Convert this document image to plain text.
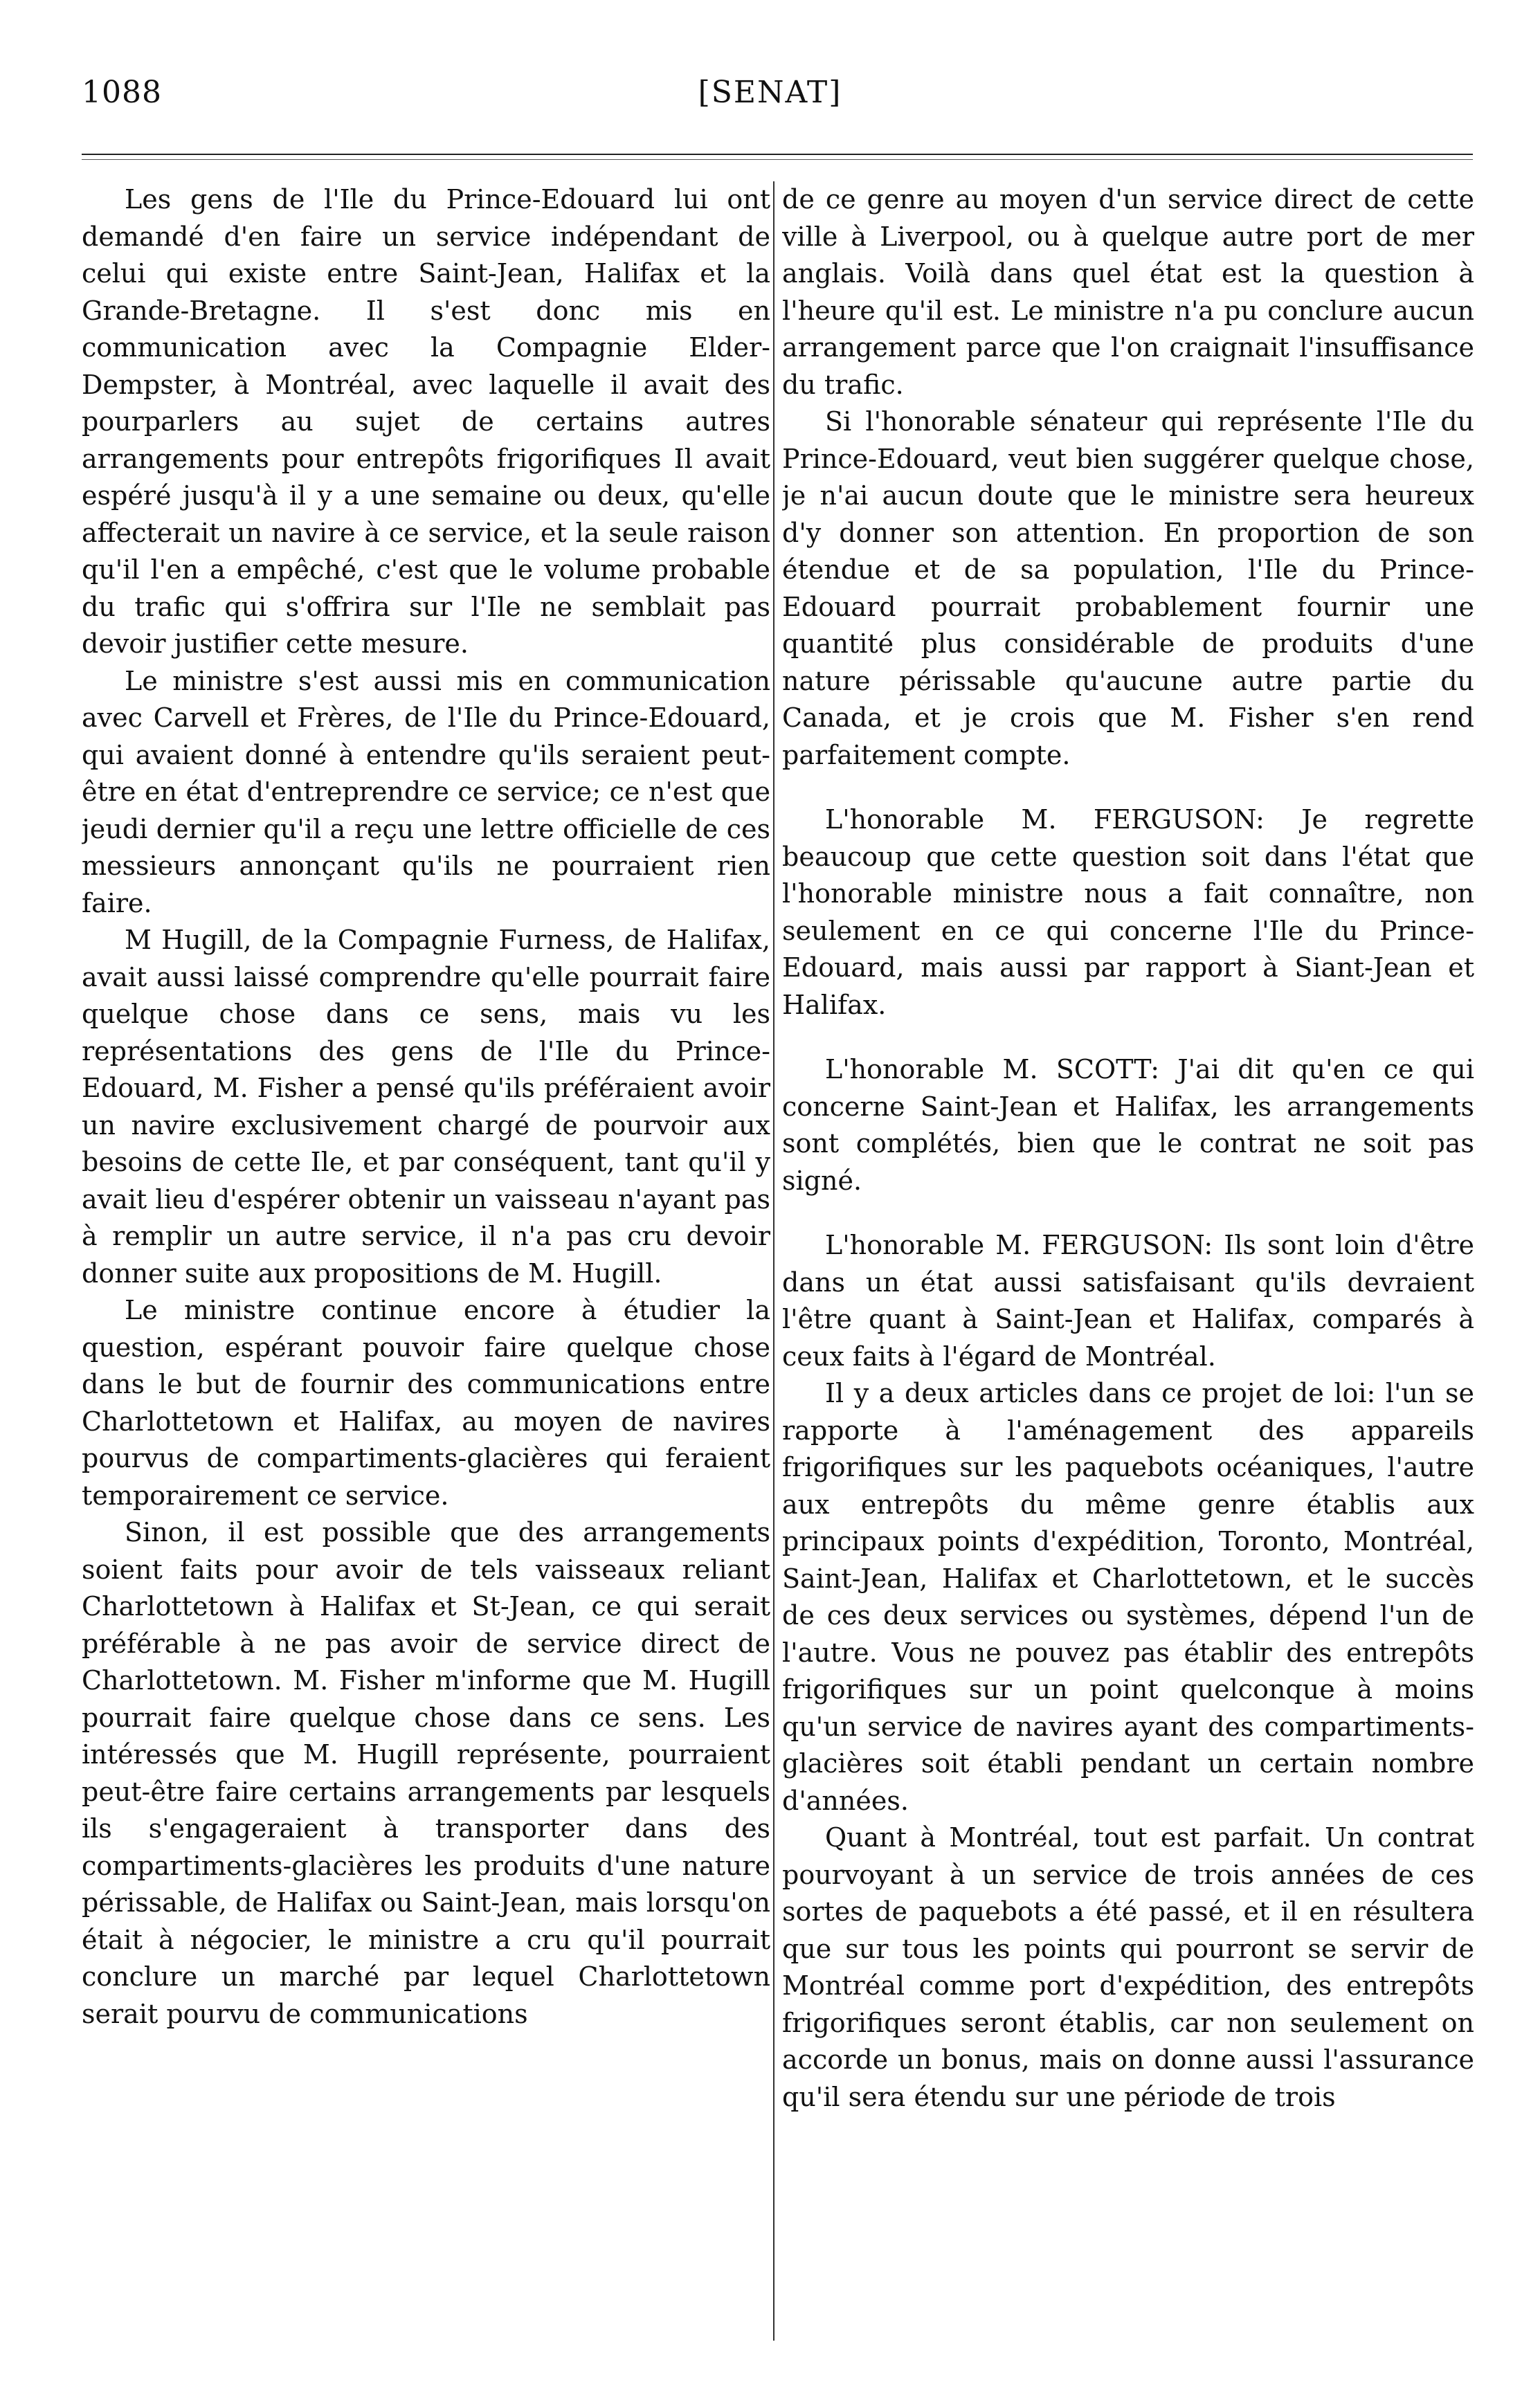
1088	[SENAT]

Les gens de l'Ile du Prince-Edouard lui ont demandé d'en faire un service indépendant de celui qui existe entre Saint-Jean, Halifax et la Grande-Bretagne. Il s'est donc mis en communication avec la Compagnie Elder-Dempster, à Montréal, avec laquelle il avait des pourparlers au sujet de certains autres arrangements pour entrepôts frigorifiques Il avait espéré jusqu'à il y a une semaine ou deux, qu'elle affecterait un navire à ce service, et la seule raison qu'il l'en a empêché, c'est que le volume probable du trafic qui s'offrira sur l'Ile ne semblait pas devoir justifier cette mesure.

Le ministre s'est aussi mis en communication avec Carvell et Frères, de l'Ile du Prince-Edouard, qui avaient donné à entendre qu'ils seraient peut-être en état d'entreprendre ce service; ce n'est que jeudi dernier qu'il a reçu une lettre officielle de ces messieurs annonçant qu'ils ne pourraient rien faire.

M Hugill, de la Compagnie Furness, de Halifax, avait aussi laissé comprendre qu'elle pourrait faire quelque chose dans ce sens, mais vu les représentations des gens de l'Ile du Prince-Edouard, M. Fisher a pensé qu'ils préféraient avoir un navire exclusivement chargé de pourvoir aux besoins de cette Ile, et par conséquent, tant qu'il y avait lieu d'espérer obtenir un vaisseau n'ayant pas à remplir un autre service, il n'a pas cru devoir donner suite aux propositions de M. Hugill.

Le ministre continue encore à étudier la question, espérant pouvoir faire quelque chose dans le but de fournir des communications entre Charlottetown et Halifax, au moyen de navires pourvus de compartiments-glacières qui feraient temporairement ce service.

Sinon, il est possible que des arrangements soient faits pour avoir de tels vaisseaux reliant Charlottetown à Halifax et St-Jean, ce qui serait préférable à ne pas avoir de service direct de Charlottetown. M. Fisher m'informe que M. Hugill pourrait faire quelque chose dans ce sens. Les intéressés que M. Hugill représente, pourraient peut-être faire certains arrangements par lesquels ils s'engageraient à transporter dans des compartiments-glacières les produits d'une nature périssable, de Halifax ou Saint-Jean, mais lorsqu'on était à négocier, le ministre a cru qu'il pourrait conclure un marché par lequel Charlottetown serait pourvu de communications

de ce genre au moyen d'un service direct de cette ville à Liverpool, ou à quelque autre port de mer anglais. Voilà dans quel état est la question à l'heure qu'il est. Le ministre n'a pu conclure aucun arrangement parce que l'on craignait l'insuffisance du trafic.

Si l'honorable sénateur qui représente l'Ile du Prince-Edouard, veut bien suggérer quelque chose, je n'ai aucun doute que le ministre sera heureux d'y donner son attention. En proportion de son étendue et de sa population, l'Ile du Prince-Edouard pourrait probablement fournir une quantité plus considérable de produits d'une nature périssable qu'aucune autre partie du Canada, et je crois que M. Fisher s'en rend parfaitement compte.

L'honorable M. FERGUSON: Je regrette beaucoup que cette question soit dans l'état que l'honorable ministre nous a fait connaître, non seulement en ce qui concerne l'Ile du Prince-Edouard, mais aussi par rapport à Siant-Jean et Halifax.

L'honorable M. SCOTT: J'ai dit qu'en ce qui concerne Saint-Jean et Halifax, les arrangements sont complétés, bien que le contrat ne soit pas signé.

L'honorable M. FERGUSON: Ils sont loin d'être dans un état aussi satisfaisant qu'ils devraient l'être quant à Saint-Jean et Halifax, comparés à ceux faits à l'égard de Montréal.

Il y a deux articles dans ce projet de loi: l'un se rapporte à l'aménagement des appareils frigorifiques sur les paquebots océaniques, l'autre aux entrepôts du même genre établis aux principaux points d'expédition, Toronto, Montréal, Saint-Jean, Halifax et Charlottetown, et le succès de ces deux services ou systèmes, dépend l'un de l'autre. Vous ne pouvez pas établir des entrepôts frigorifiques sur un point quelconque à moins qu'un service de navires ayant des compartiments-glacières soit établi pendant un certain nombre d'années.

Quant à Montréal, tout est parfait. Un contrat pourvoyant à un service de trois années de ces sortes de paquebots a été passé, et il en résultera que sur tous les points qui pourront se servir de Montréal comme port d'expédition, des entrepôts frigorifiques seront établis, car non seulement on accorde un bonus, mais on donne aussi l'assurance qu'il sera étendu sur une période de trois
